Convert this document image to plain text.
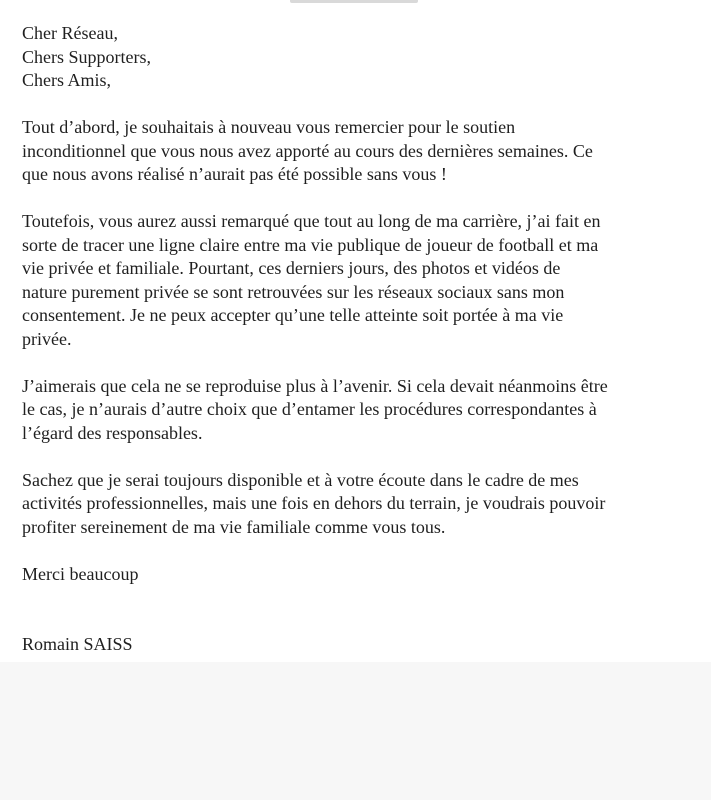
Cher Réseau,
Chers Supporters,
Chers Amis,
Tout d’abord, je souhaitais à nouveau vous remercier pour le soutien
inconditionnel que vous nous avez apporté au cours des dernières semaines. Ce
que nous avons réalisé n’aurait pas été possible sans vous !
Toutefois, vous aurez aussi remarqué que tout au long de ma carrière, j’ai fait en
sorte de tracer une ligne claire entre ma vie publique de joueur de football et ma
vie privée et familiale. Pourtant, ces derniers jours, des photos et vidéos de
nature purement privée se sont retrouvées sur les réseaux sociaux sans mon
consentement. Je ne peux accepter qu’une telle atteinte soit portée à ma vie
privée.
J’aimerais que cela ne se reproduise plus à l’avenir. Si cela devait néanmoins être
le cas, je n’aurais d’autre choix que d’entamer les procédures correspondantes à
l’égard des responsables.
Sachez que je serai toujours disponible et à votre écoute dans le cadre de mes
activités professionnelles, mais une fois en dehors du terrain, je voudrais pouvoir
profiter sereinement de ma vie familiale comme vous tous.
Merci beaucoup
Romain SAISS
